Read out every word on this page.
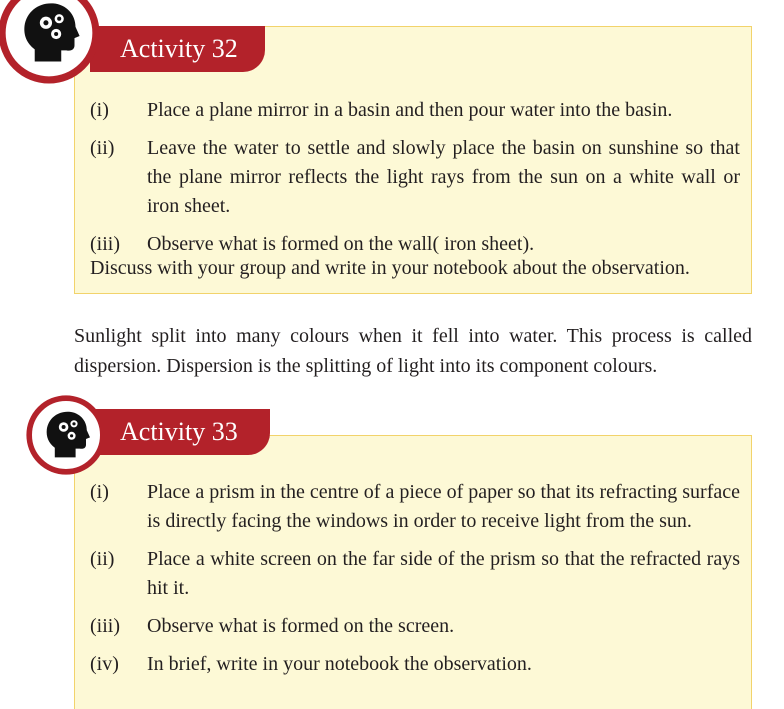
Activity 32
(i)	Place a plane mirror in a basin and then pour water into the basin.
(ii)	Leave the water to settle and slowly place the basin on sunshine so that the plane mirror reflects the light rays from the sun on a white wall or iron sheet.
(iii)	Observe what is formed on the wall( iron sheet).
Discuss with your group and write in your notebook about the observation.

Sunlight split into many colours when it fell into water. This process is called dispersion. Dispersion is the splitting of light into its component colours.

Activity 33
(i)	Place a prism in the centre of a piece of paper so that its refracting surface is directly facing the windows in order to receive light from the sun.
(ii)	Place a white screen on the far side of the prism so that the refracted rays hit it.
(iii)	Observe what is formed on the screen.
(iv)	In brief, write in your notebook the observation.
